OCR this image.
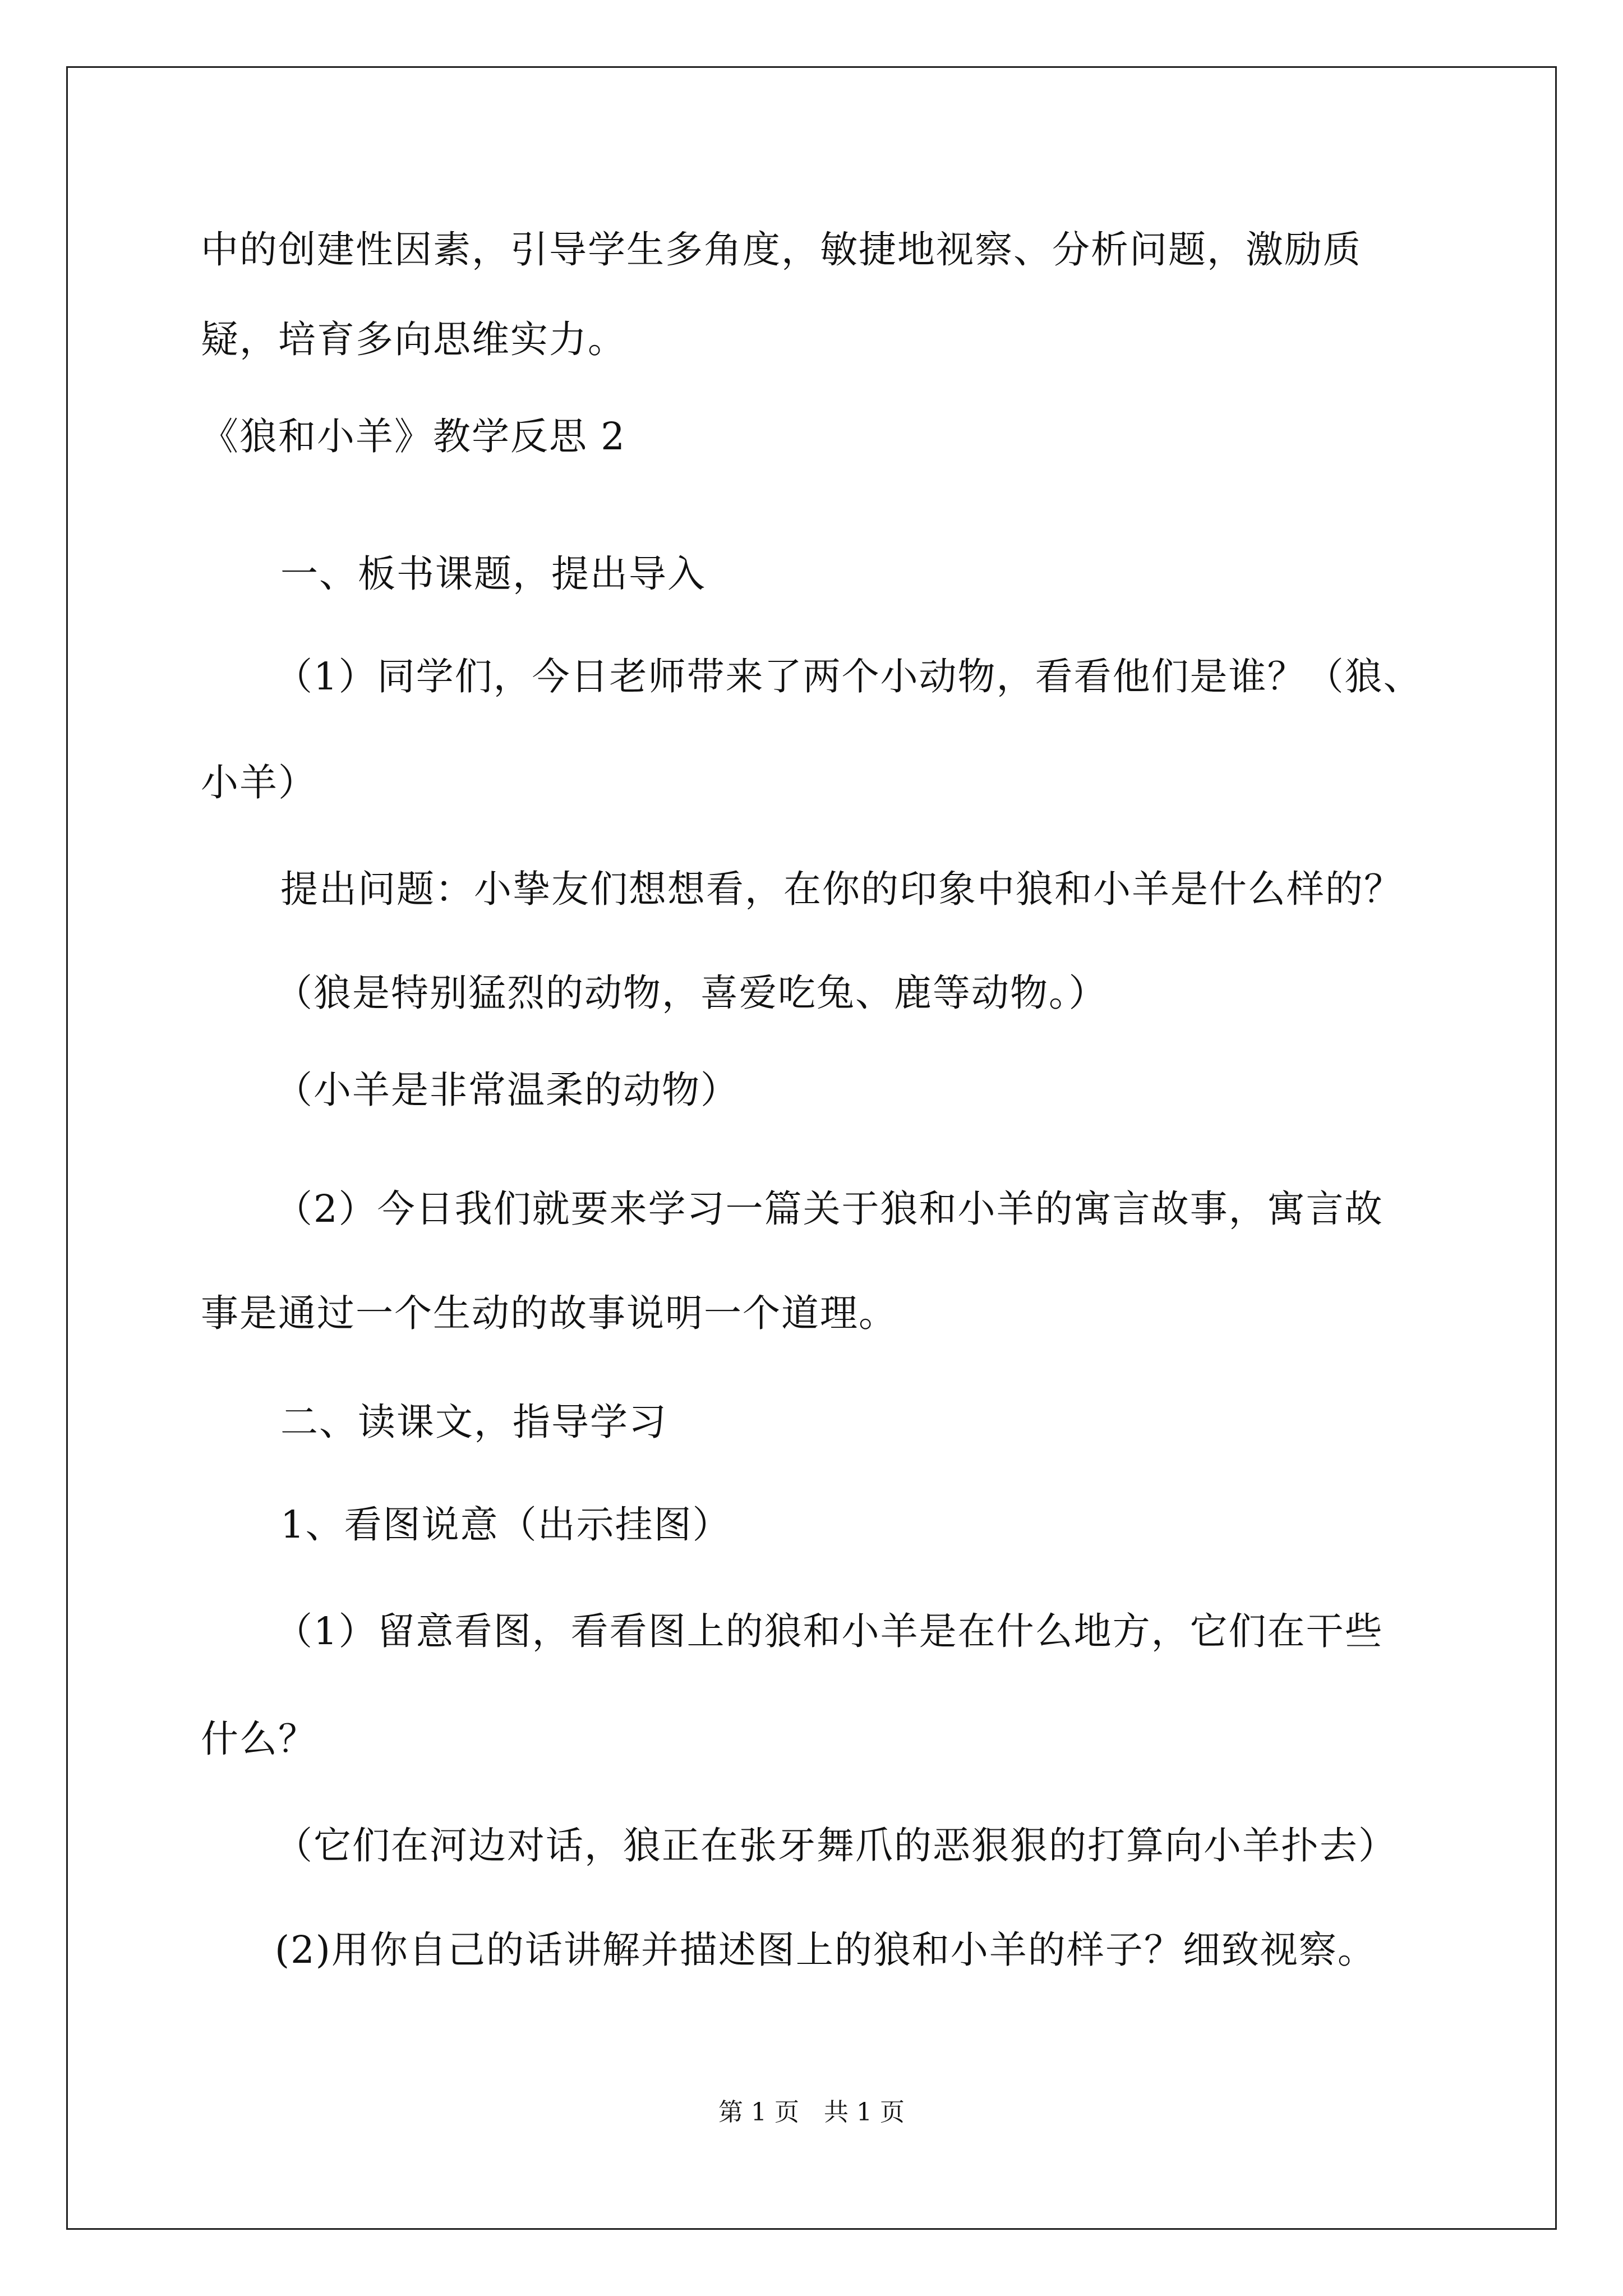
中的创建性因素，引导学生多角度，敏捷地视察、分析问题，激励质
疑，培育多向思维实力。
《狼和小羊》教学反思 2
一、板书课题，提出导入
（1）同学们，今日老师带来了两个小动物，看看他们是谁？（狼、
小羊）
提出问题：小挚友们想想看，在你的印象中狼和小羊是什么样的？
（狼是特别猛烈的动物，喜爱吃兔、鹿等动物。）
（小羊是非常温柔的动物）
（2）今日我们就要来学习一篇关于狼和小羊的寓言故事，寓言故
事是通过一个生动的故事说明一个道理。
二、读课文，指导学习
1、看图说意（出示挂图）
（1）留意看图，看看图上的狼和小羊是在什么地方，它们在干些
什么？
（它们在河边对话，狼正在张牙舞爪的恶狠狠的打算向小羊扑去）
(2)用你自己的话讲解并描述图上的狼和小羊的样子？细致视察。
第 1 页　共 1 页
